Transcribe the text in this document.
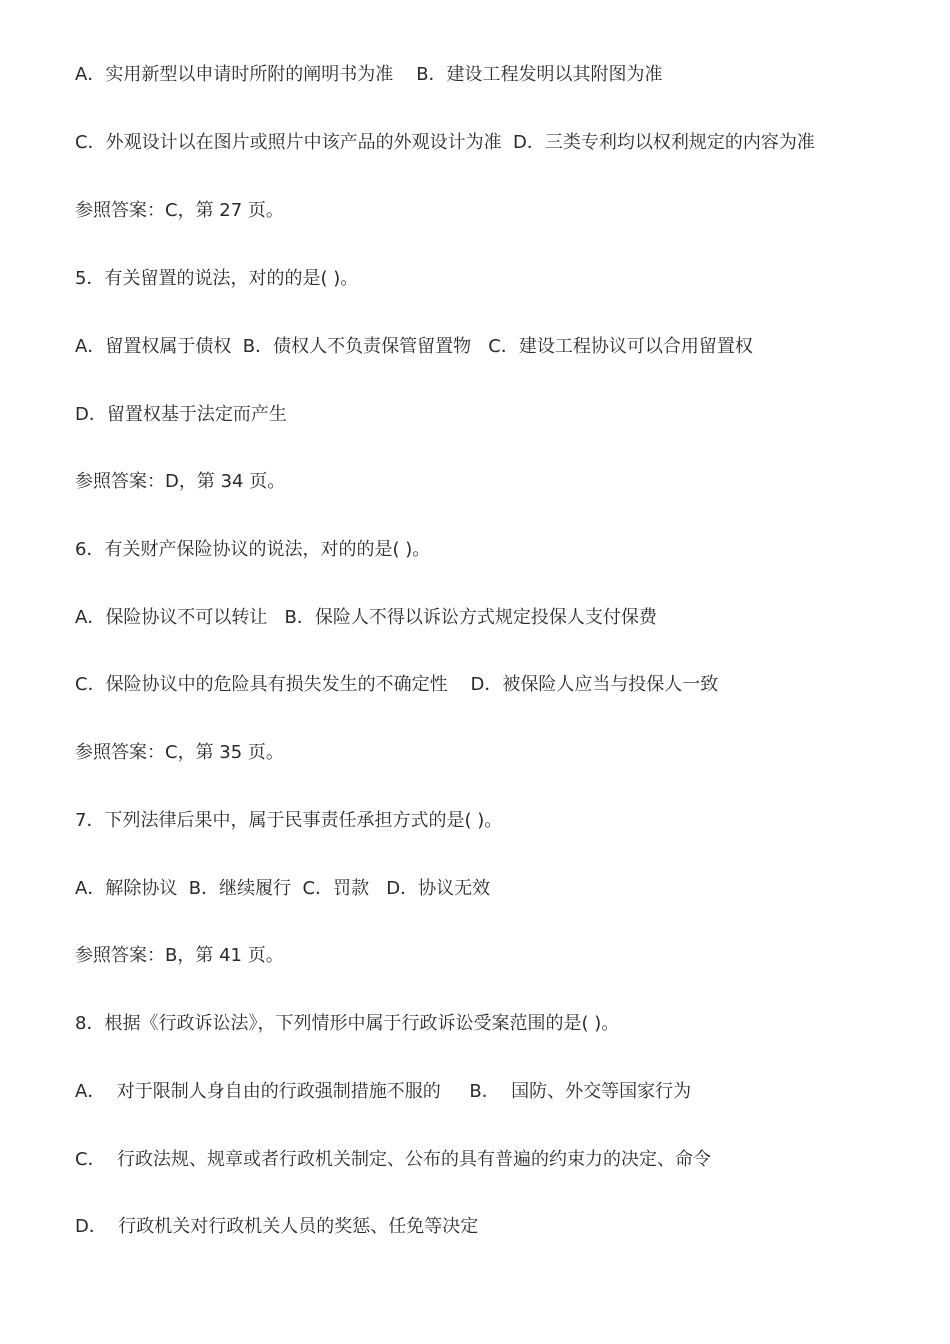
A．实用新型以申请时所附的阐明书为准    B．建设工程发明以其附图为准
C．外观设计以在图片或照片中该产品的外观设计为准  D．三类专利均以权利规定的内容为准
参照答案：C，第 27 页。
5．有关留置的说法，对的的是( )。
A．留置权属于债权  B．债权人不负责保管留置物   C．建设工程协议可以合用留置权
D．留置权基于法定而产生
参照答案：D，第 34 页。
6．有关财产保险协议的说法，对的的是( )。
A．保险协议不可以转让   B．保险人不得以诉讼方式规定投保人支付保费
C．保险协议中的危险具有损失发生的不确定性    D．被保险人应当与投保人一致
参照答案：C，第 35 页。
7．下列法律后果中，属于民事责任承担方式的是( )。
A．解除协议  B．继续履行  C．罚款   D．协议无效
参照答案：B，第 41 页。
8．根据《行政诉讼法》，下列情形中属于行政诉讼受案范围的是( )。
A．  对于限制人身自由的行政强制措施不服的     B．  国防、外交等国家行为
C．  行政法规、规章或者行政机关制定、公布的具有普遍的约束力的决定、命令
D．  行政机关对行政机关人员的奖惩、任免等决定
